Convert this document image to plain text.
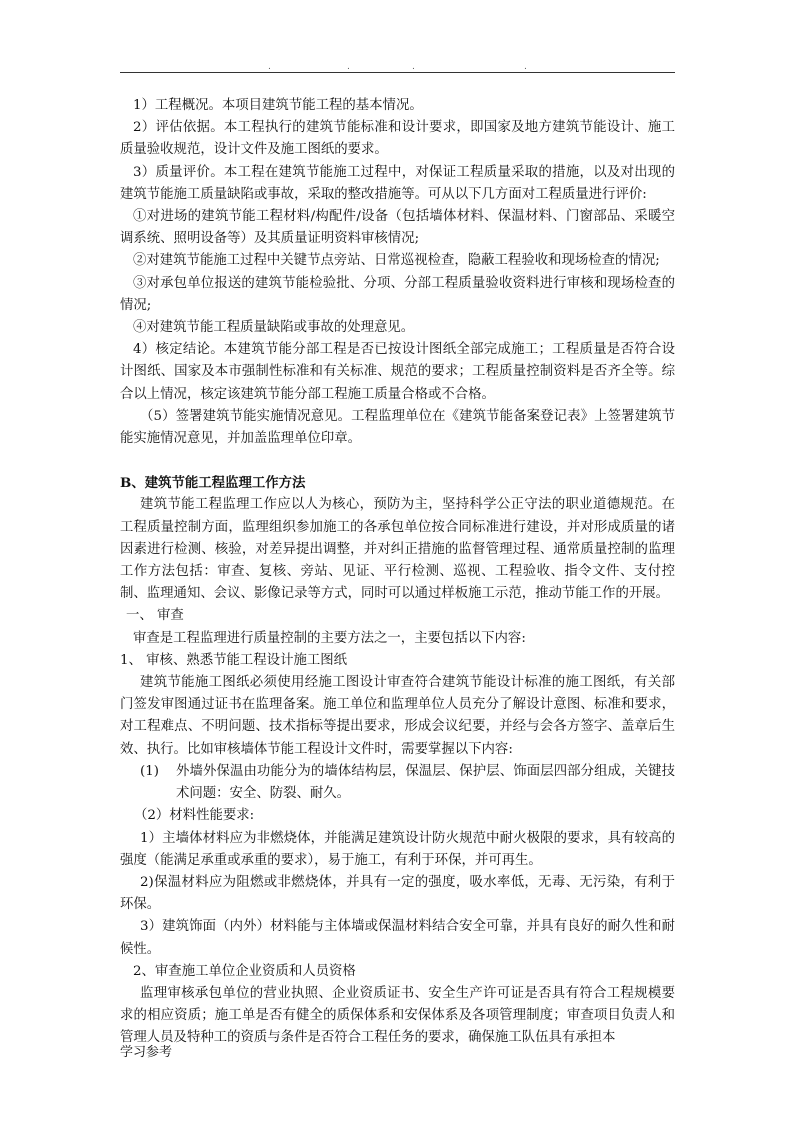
.	.	.	.

1）工程概况。本项目建筑节能工程的基本情况。

2）评估依据。本工程执行的建筑节能标准和设计要求，即国家及地方建筑节能设计、施工质量验收规范，设计文件及施工图纸的要求。

3）质量评价。本工程在建筑节能施工过程中，对保证工程质量采取的措施，以及对出现的建筑节能施工质量缺陷或事故，采取的整改措施等。可从以下几方面对工程质量进行评价:

①对进场的建筑节能工程材料/构配件/设备（包括墙体材料、保温材料、门窗部品、采暖空调系统、照明设备等）及其质量证明资料审核情况;

②对建筑节能施工过程中关键节点旁站、日常巡视检查，隐蔽工程验收和现场检查的情况;

③对承包单位报送的建筑节能检验批、分项、分部工程质量验收资料进行审核和现场检查的情况;

④对建筑节能工程质量缺陷或事故的处理意见。

4）核定结论。本建筑节能分部工程是否已按设计图纸全部完成施工；工程质量是否符合设计图纸、国家及本市强制性标准和有关标准、规范的要求；工程质量控制资料是否齐全等。综合以上情况，核定该建筑节能分部工程施工质量合格或不合格。

（5）签署建筑节能实施情况意见。工程监理单位在《建筑节能备案登记表》上签署建筑节能实施情况意见，并加盖监理单位印章。

B、建筑节能工程监理工作方法

建筑节能工程监理工作应以人为核心，预防为主，坚持科学公正守法的职业道德规范。在工程质量控制方面，监理组织参加施工的各承包单位按合同标准进行建设，并对形成质量的诸因素进行检测、核验，对差异提出调整，并对纠正措施的监督管理过程、通常质量控制的监理工作方法包括：审查、复核、旁站、见证、平行检测、巡视、工程验收、指令文件、支付控制、监理通知、会议、影像记录等方式，同时可以通过样板施工示范，推动节能工作的开展。

一、 审查

审查是工程监理进行质量控制的主要方法之一，主要包括以下内容:

1、 审核、熟悉节能工程设计施工图纸

建筑节能施工图纸必须使用经施工图设计审查符合建筑节能设计标准的施工图纸，有关部门签发审图通过证书在监理备案。施工单位和监理单位人员充分了解设计意图、标准和要求，对工程难点、不明问题、技术指标等提出要求，形成会议纪要，并经与会各方签字、盖章后生效、执行。比如审核墙体节能工程设计文件时，需要掌握以下内容:

(1) 外墙外保温由功能分为的墙体结构层，保温层、保护层、饰面层四部分组成，关键技术问题：安全、防裂、耐久。

（2）材料性能要求:

1）主墙体材料应为非燃烧体，并能满足建筑设计防火规范中耐火极限的要求，具有较高的强度（能满足承重或承重的要求），易于施工，有利于环保，并可再生。

2)保温材料应为阻燃或非燃烧体，并具有一定的强度，吸水率低，无毒、无污染，有利于环保。

3）建筑饰面（内外）材料能与主体墙或保温材料结合安全可靠，并具有良好的耐久性和耐候性。

2、审查施工单位企业资质和人员资格

监理审核承包单位的营业执照、企业资质证书、安全生产许可证是否具有符合工程规模要求的相应资质；施工单是否有健全的质保体系和安保体系及各项管理制度；审查项目负责人和管理人员及特种工的资质与条件是否符合工程任务的要求，确保施工队伍具有承担本

学习参考
